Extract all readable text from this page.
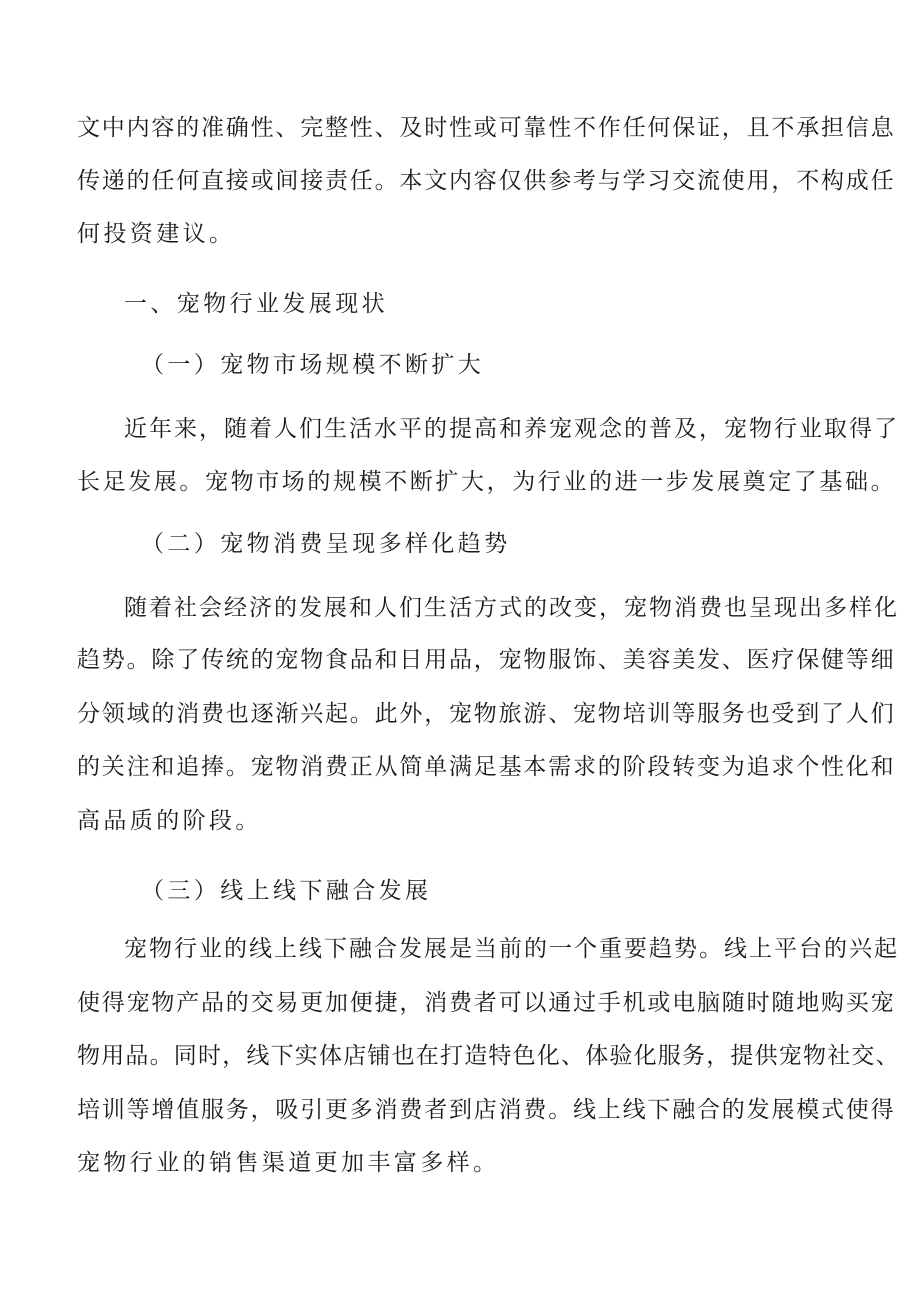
文中内容的准确性、完整性、及时性或可靠性不作任何保证，且不承担信息
传递的任何直接或间接责任。本文内容仅供参考与学习交流使用，不构成任
何投资建议。
一、宠物行业发展现状
（一）宠物市场规模不断扩大
近年来，随着人们生活水平的提高和养宠观念的普及，宠物行业取得了
长足发展。宠物市场的规模不断扩大，为行业的进一步发展奠定了基础。
（二）宠物消费呈现多样化趋势
随着社会经济的发展和人们生活方式的改变，宠物消费也呈现出多样化
趋势。除了传统的宠物食品和日用品，宠物服饰、美容美发、医疗保健等细
分领域的消费也逐渐兴起。此外，宠物旅游、宠物培训等服务也受到了人们
的关注和追捧。宠物消费正从简单满足基本需求的阶段转变为追求个性化和
高品质的阶段。
（三）线上线下融合发展
宠物行业的线上线下融合发展是当前的一个重要趋势。线上平台的兴起
使得宠物产品的交易更加便捷，消费者可以通过手机或电脑随时随地购买宠
物用品。同时，线下实体店铺也在打造特色化、体验化服务，提供宠物社交、
培训等增值服务，吸引更多消费者到店消费。线上线下融合的发展模式使得
宠物行业的销售渠道更加丰富多样。
